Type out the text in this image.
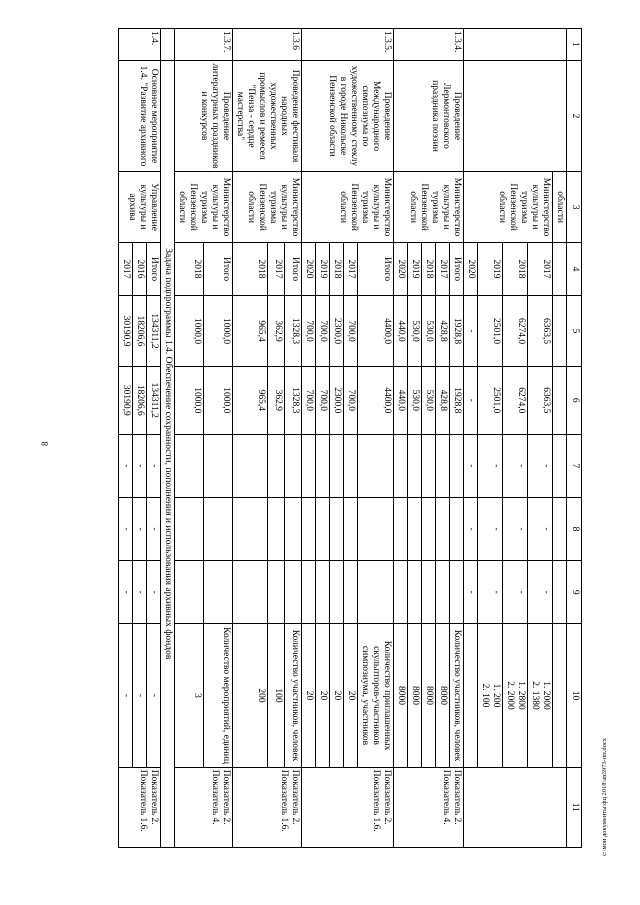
8
1	2	3	4	5	6	7	8	9	10	11
		области								
		Министерство культуры и туризма Пензенской области	2017	6363,5	6363,5	-	-	-	1. 2000
2. 1380	
			2018	6274,0	6274,0	-	-	-	1. 2800
2. 2000	
			2019	2501,0	2501,0	-	-	-	1. 200
2. 100	
			2020	-	-	-	-	-		
1.3.4.	Проведение Лермонтовского праздника поэзии	Министерство культуры и туризма Пензенской области	Итого	1928,8	1928,8				Количество участников, человек	Показатель 2. Показатель 4.
			2017	428,8	428,8				8000	
			2018	530,0	530,0				8000	
			2019	530,0	530,0				8000	
			2020	440,0	440,0				8000	
1.3.5.	Проведение Международного симпозиума по художественному стеклу в городе Никольске Пензенской области	Министерство культуры и туризма Пензенской области	Итого	4400,0	4400,0				Количество приглашенных скульпторов-участников симпозиума, участников	Показатель 2. Показатель 1.6.
			2017	700,0	700,0				20	
			2018	2300,0	2300,0				20	
			2019	700,0	700,0				20	
			2020	700,0	700,0				20	
1.3.6	Проведение фестиваля народных художественных промыслов и ремесел "Пенза - сердце мастерства"	Министерство культуры и туризма Пензенской области	Итого	1328,3	1328,3				Количество участников, человек	Показатель 2. Показатель 1.6.
			2017	362,9	362,9				100	
			2018	965,4	965,4				200	
1.3.7.	Проведение литературных праздников и конкурсов	Министерство культуры и туризма Пензенской области	Итого	1000,0	1000,0				Количество мероприятий, единиц	Показатель 2. Показатель 4.
			2018	1000,0	1000,0				3	
	Задача подпрограммы 1.4. Обеспечение сохранности, пополнения и использования архивных фондов									
1.4.	Основное мероприятие 1.4. "Развитие архивного	Управление культуры и архива	Итого	134311,2	134311,2	-	-	-	-	Показатель 2. Показатель 1.6.
			2016	18206,6	18206,6	-	-	-	-	
			2017	30190,9	30190,9	-	-	-	-	
c:\мои документы\фц 2018\ап3973-пп.docx
